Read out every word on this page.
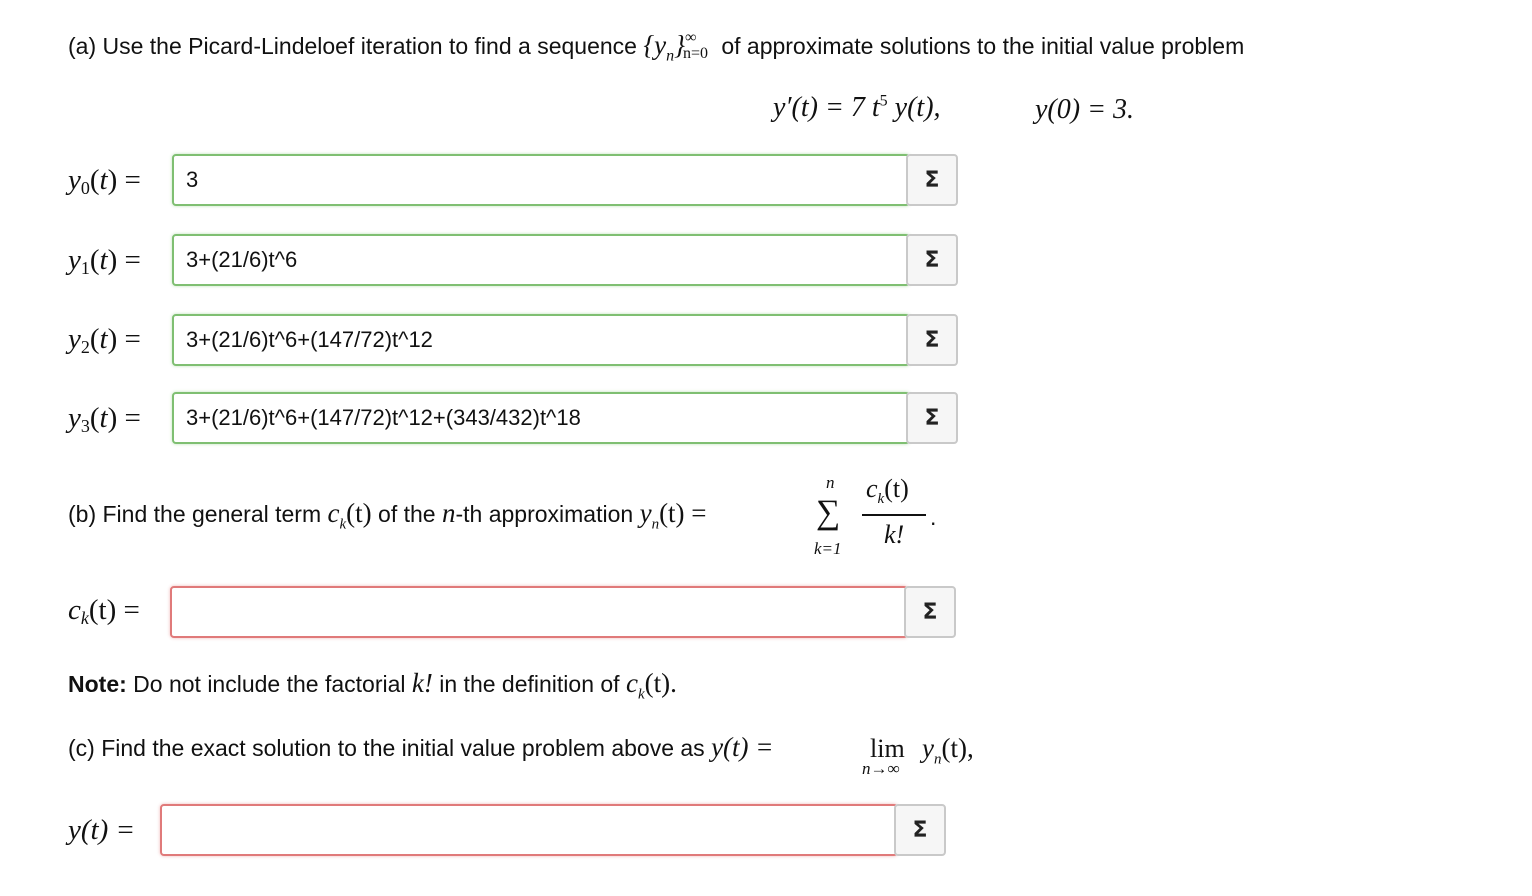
(a) Use the Picard-Lindeloef iteration to find a sequence $\{y_n\}$ ∞
n=0 of approximate solutions to the initial value problem
y′(t) = 7 $t^5$ y(t),	y(0) = 3.
$y_0(t)$ =
3	Σ
$y_1(t)$ =
3+(21/6)t^6	Σ
$y_2(t)$ =
3+(21/6)t^6+(147/72)t^12	Σ
$y_3(t)$ =
3+(21/6)t^6+(147/72)t^12+(343/432)t^18	Σ
(b) Find the general term $c_k(t)$ of the n-th approximation $y_n(t)$ =
n
∑
k=1
$c_k(t)$
k!
.
$c_k(t)$ =	Σ
Note: Do not include the factorial k! in the definition of $c_k(t)$.
(c) Find the exact solution to the initial value problem above as y(t) =	lim
n→∞
$y_n(t)$,
y(t) =	Σ
